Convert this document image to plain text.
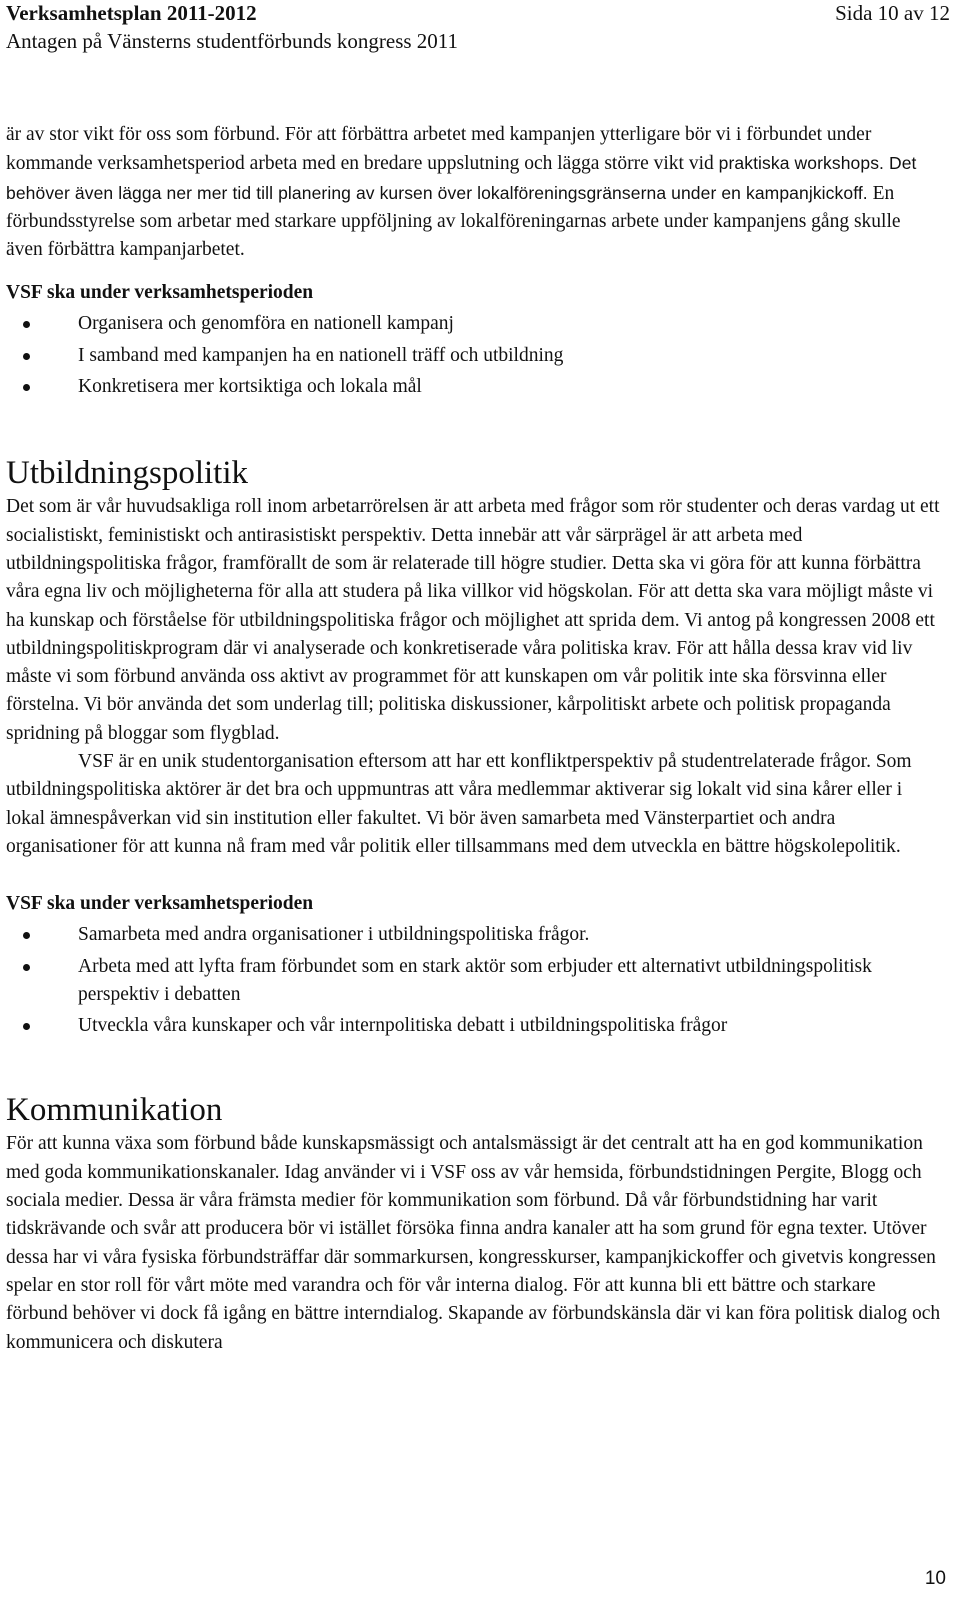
Verksamhetsplan 2011-2012	Sida 10 av 12
Antagen på Vänsterns studentförbunds kongress 2011

är av stor vikt för oss som förbund. För att förbättra arbetet med kampanjen ytterligare bör vi i förbundet under kommande verksamhetsperiod arbeta med en bredare uppslutning och lägga större vikt vid praktiska workshops. Det behöver även lägga ner mer tid till planering av kursen över lokalföreningsgränserna under en kampanjkickoff. En förbundsstyrelse som arbetar med starkare uppföljning av lokalföreningarnas arbete under kampanjens gång skulle även förbättra kampanjarbetet.

VSF ska under verksamhetsperioden
Organisera och genomföra en nationell kampanj
I samband med kampanjen ha en nationell träff och utbildning
Konkretisera mer kortsiktiga och lokala mål
Utbildningspolitik

Det som är vår huvudsakliga roll inom arbetarrörelsen är att arbeta med frågor som rör studenter och deras vardag ut ett socialistiskt, feministiskt och antirasistiskt perspektiv. Detta innebär att vår särprägel är att arbeta med utbildningspolitiska frågor, framförallt de som är relaterade till högre studier. Detta ska vi göra för att kunna förbättra våra egna liv och möjligheterna för alla att studera på lika villkor vid högskolan. För att detta ska vara möjligt måste vi ha kunskap och förståelse för utbildningspolitiska frågor och möjlighet att sprida dem. Vi antog på kongressen 2008 ett utbildningspolitiskprogram där vi analyserade och konkretiserade våra politiska krav. För att hålla dessa krav vid liv måste vi som förbund använda oss aktivt av programmet för att kunskapen om vår politik inte ska försvinna eller förstelna. Vi bör använda det som underlag till; politiska diskussioner, kårpolitiskt arbete och politisk propaganda spridning på bloggar som flygblad.

VSF är en unik studentorganisation eftersom att har ett konfliktperspektiv på studentrelaterade frågor. Som utbildningspolitiska aktörer är det bra och uppmuntras att våra medlemmar aktiverar sig lokalt vid sina kårer eller i lokal ämnespåverkan vid sin institution eller fakultet. Vi bör även samarbeta med Vänsterpartiet och andra organisationer för att kunna nå fram med vår politik eller tillsammans med dem utveckla en bättre högskolepolitik.

VSF ska under verksamhetsperioden
Samarbeta med andra organisationer i utbildningspolitiska frågor.
Arbeta med att lyfta fram förbundet som en stark aktör som erbjuder ett alternativt utbildningspolitisk perspektiv i debatten
Utveckla våra kunskaper och vår internpolitiska debatt i utbildningspolitiska frågor
Kommunikation

För att kunna växa som förbund både kunskapsmässigt och antalsmässigt är det centralt att ha en god kommunikation med goda kommunikationskanaler. Idag använder vi i VSF oss av vår hemsida, förbundstidningen Pergite, Blogg och sociala medier. Dessa är våra främsta medier för kommunikation som förbund. Då vår förbundstidning har varit tidskrävande och svår att producera bör vi istället försöka finna andra kanaler att ha som grund för egna texter. Utöver dessa har vi våra fysiska förbundsträffar där sommarkursen, kongresskurser, kampanjkickoffer och givetvis kongressen spelar en stor roll för vårt möte med varandra och för vår interna dialog. För att kunna bli ett bättre och starkare förbund behöver vi dock få igång en bättre interndialog. Skapande av förbundskänsla där vi kan föra politisk dialog och kommunicera och diskutera

10
